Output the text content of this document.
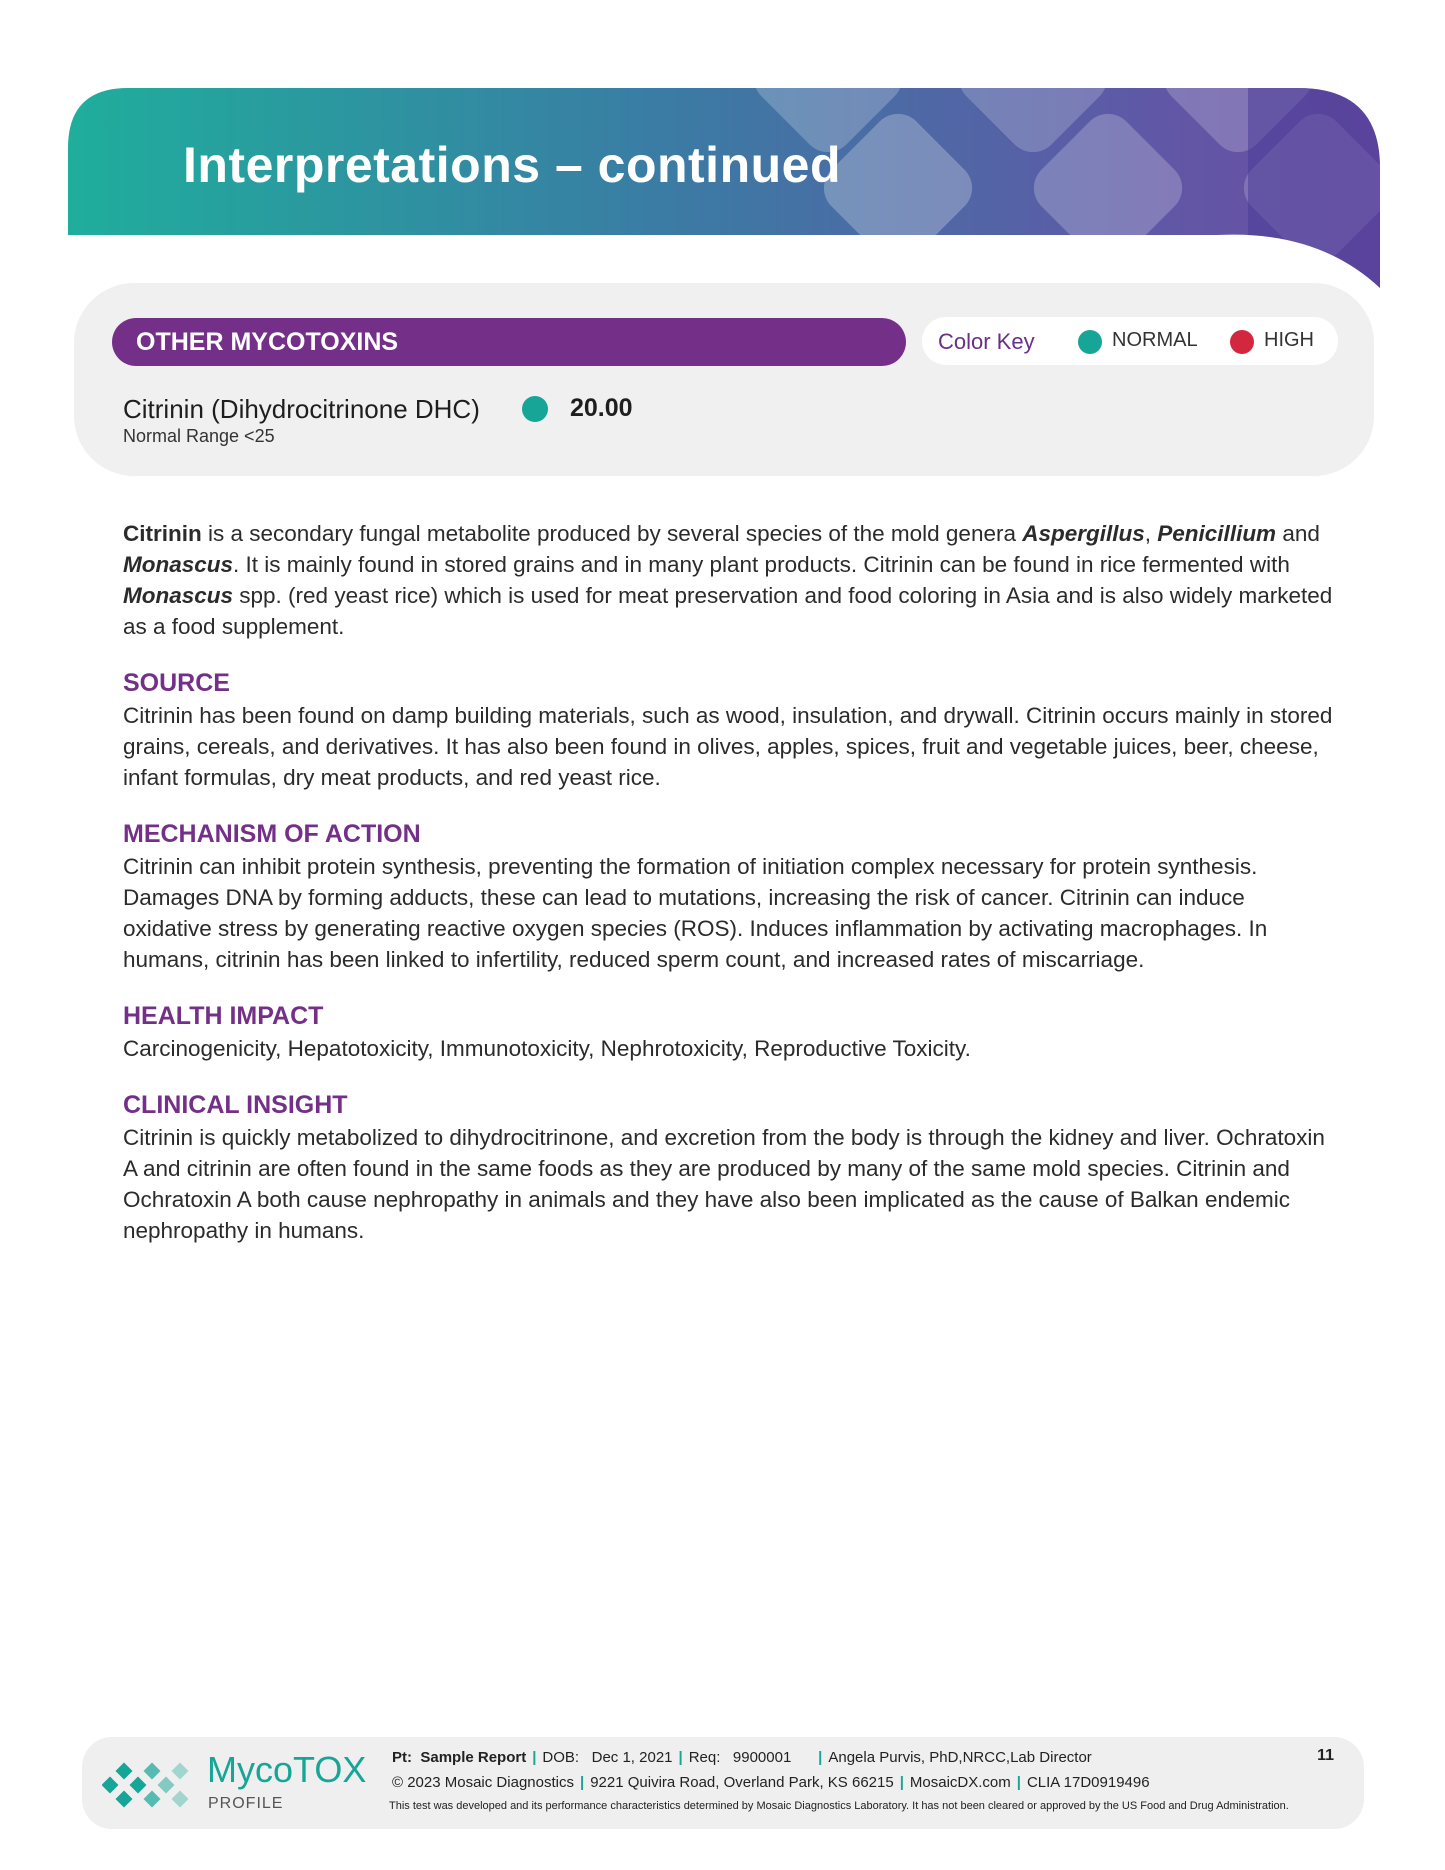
Interpretations – continued
OTHER MYCOTOXINS	Color Key	NORMAL	HIGH
Citrinin (Dihydrocitrinone DHC)	20.00
Normal Range <25

Citrinin is a secondary fungal metabolite produced by several species of the mold genera Aspergillus, Penicillium and Monascus. It is mainly found in stored grains and in many plant products. Citrinin can be found in rice fermented with Monascus spp. (red yeast rice) which is used for meat preservation and food coloring in Asia and is also widely marketed as a food supplement.

SOURCE

Citrinin has been found on damp building materials, such as wood, insulation, and drywall. Citrinin occurs mainly in stored grains, cereals, and derivatives. It has also been found in olives, apples, spices, fruit and vegetable juices, beer, cheese, infant formulas, dry meat products, and red yeast rice.

MECHANISM OF ACTION

Citrinin can inhibit protein synthesis, preventing the formation of initiation complex necessary for protein synthesis. Damages DNA by forming adducts, these can lead to mutations, increasing the risk of cancer. Citrinin can induce oxidative stress by generating reactive oxygen species (ROS). Induces inflammation by activating macrophages. In humans, citrinin has been linked to infertility, reduced sperm count, and increased rates of miscarriage.

HEALTH IMPACT

Carcinogenicity, Hepatotoxicity, Immunotoxicity, Nephrotoxicity, Reproductive Toxicity.

CLINICAL INSIGHT

Citrinin is quickly metabolized to dihydrocitrinone, and excretion from the body is through the kidney and liver. Ochratoxin A and citrinin are often found in the same foods as they are produced by many of the same mold species. Citrinin and Ochratoxin A both cause nephropathy in animals and they have also been implicated as the cause of Balkan endemic nephropathy in humans.

MycoTOX
PROFILE
Pt: Sample Report | DOB: Dec 1, 2021 | Req: 9900001 | Angela Purvis, PhD,NRCC,Lab Director
© 2023 Mosaic Diagnostics | 9221 Quivira Road, Overland Park, KS 66215 | MosaicDX.com | CLIA 17D0919496
This test was developed and its performance characteristics determined by Mosaic Diagnostics Laboratory. It has not been cleared or approved by the US Food and Drug Administration.
11
